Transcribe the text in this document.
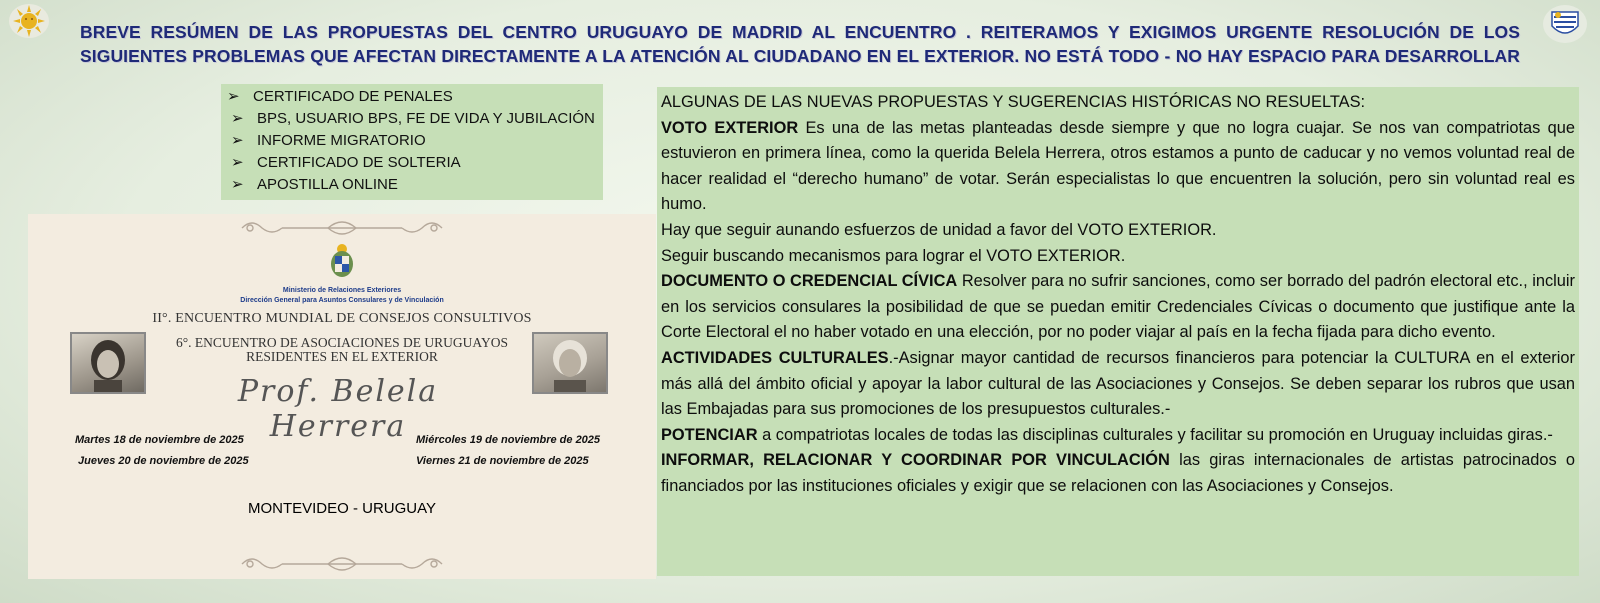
BREVE RESÚMEN DE LAS PROPUESTAS DEL CENTRO URUGUAYO DE MADRID AL ENCUENTRO . REITERAMOS Y EXIGIMOS URGENTE RESOLUCIÓN DE LOS
SIGUIENTES PROBLEMAS QUE AFECTAN DIRECTAMENTE A LA ATENCIÓN AL CIUDADANO EN EL EXTERIOR. NO ESTÁ TODO - NO HAY ESPACIO PARA DESARROLLAR
➢ CERTIFICADO DE PENALES
➢ BPS, USUARIO BPS, FE DE VIDA Y JUBILACIÓN
➢ INFORME MIGRATORIO
➢ CERTIFICADO DE SOLTERIA
➢ APOSTILLA ONLINE
Ministerio de Relaciones Exteriores
Dirección General para Asuntos Consulares y de Vinculación
II°. ENCUENTRO MUNDIAL DE CONSEJOS CONSULTIVOS
6°. ENCUENTRO DE ASOCIACIONES DE URUGUAYOS
RESIDENTES EN EL EXTERIOR
Prof. Belela Herrera
Martes 18 de noviembre de 2025
Jueves 20 de noviembre de 2025
Miércoles 19 de noviembre de 2025
Viernes 21 de noviembre de 2025
MONTEVIDEO - URUGUAY

ALGUNAS DE LAS NUEVAS PROPUESTAS Y SUGERENCIAS HISTÓRICAS NO RESUELTAS:

VOTO EXTERIOR Es una de las metas planteadas desde siempre y que no logra cuajar. Se nos van compatriotas que estuvieron en primera línea, como la querida Belela Herrera, otros estamos a punto de caducar y no vemos voluntad real de hacer realidad el “derecho humano” de votar. Serán especialistas lo que encuentren la solución, pero sin voluntad real es humo.

Hay que seguir aunando esfuerzos de unidad a favor del VOTO EXTERIOR.

Seguir buscando mecanismos para lograr el VOTO EXTERIOR.

DOCUMENTO O CREDENCIAL CÍVICA Resolver para no sufrir sanciones, como ser borrado del padrón electoral etc., incluir en los servicios consulares la posibilidad de que se puedan emitir Credenciales Cívicas o documento que justifique ante la Corte Electoral el no haber votado en una elección, por no poder viajar al país en la fecha fijada para dicho evento.

ACTIVIDADES CULTURALES.-Asignar mayor cantidad de recursos financieros para potenciar la CULTURA en el exterior más allá del ámbito oficial y apoyar la labor cultural de las Asociaciones y Consejos. Se deben separar los rubros que usan las Embajadas para sus promociones de los presupuestos culturales.-

POTENCIAR a compatriotas locales de todas las disciplinas culturales y facilitar su promoción en Uruguay incluidas giras.-

INFORMAR, RELACIONAR Y COORDINAR POR VINCULACIÓN las giras internacionales de artistas patrocinados o financiados por las instituciones oficiales y exigir que se relacionen con las Asociaciones y Consejos.
